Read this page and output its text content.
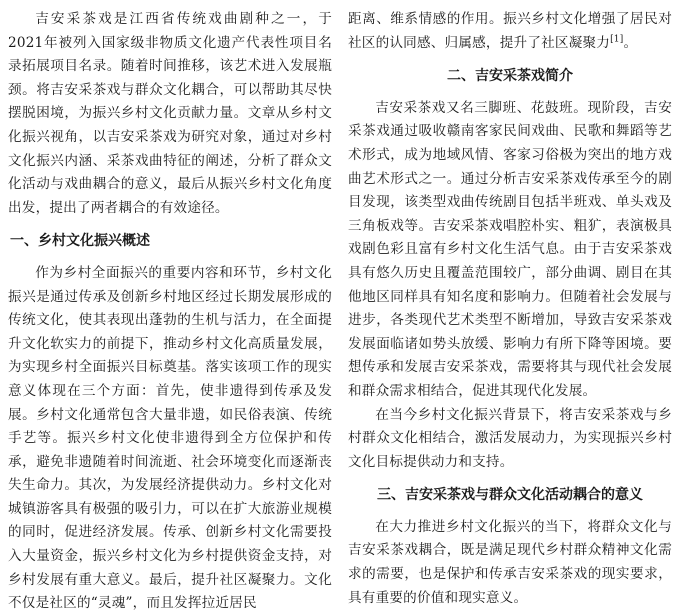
吉安采茶戏是江西省传统戏曲剧种之一，于2021年被列入国家级非物质文化遗产代表性项目名录拓展项目名录。随着时间推移，该艺术进入发展瓶颈。将吉安采茶戏与群众文化耦合，可以帮助其尽快摆脱困境，为振兴乡村文化贡献力量。文章从乡村文化振兴视角，以吉安采茶戏为研究对象，通过对乡村文化振兴内涵、采茶戏曲特征的阐述，分析了群众文化活动与戏曲耦合的意义，最后从振兴乡村文化角度出发，提出了两者耦合的有效途径。

一、乡村文化振兴概述

作为乡村全面振兴的重要内容和环节，乡村文化振兴是通过传承及创新乡村地区经过长期发展形成的传统文化，使其表现出蓬勃的生机与活力，在全面提升文化软实力的前提下，推动乡村文化高质量发展，为实现乡村全面振兴目标奠基。落实该项工作的现实意义体现在三个方面：首先，使非遗得到传承及发展。乡村文化通常包含大量非遗，如民俗表演、传统手艺等。振兴乡村文化使非遗得到全方位保护和传承，避免非遗随着时间流逝、社会环境变化而逐渐丧失生命力。其次，为发展经济提供动力。乡村文化对城镇游客具有极强的吸引力，可以在扩大旅游业规模的同时，促进经济发展。传承、创新乡村文化需要投入大量资金，振兴乡村文化为乡村提供资金支持，对乡村发展有重大意义。最后，提升社区凝聚力。文化不仅是社区的“灵魂”，而且发挥拉近居民

距离、维系情感的作用。振兴乡村文化增强了居民对社区的认同感、归属感，提升了社区凝聚力[1]。

二、吉安采茶戏简介

吉安采茶戏又名三脚班、花鼓班。现阶段，吉安采茶戏通过吸收赣南客家民间戏曲、民歌和舞蹈等艺术形式，成为地域风情、客家习俗极为突出的地方戏曲艺术形式之一。通过分析吉安采茶戏传承至今的剧目发现，该类型戏曲传统剧目包括半班戏、单头戏及三角板戏等。吉安采茶戏唱腔朴实、粗犷，表演极具戏剧色彩且富有乡村文化生活气息。由于吉安采茶戏具有悠久历史且覆盖范围较广，部分曲调、剧目在其他地区同样具有知名度和影响力。但随着社会发展与进步，各类现代艺术类型不断增加，导致吉安采茶戏发展面临诸如势头放缓、影响力有所下降等困境。要想传承和发展吉安采茶戏，需要将其与现代社会发展和群众需求相结合，促进其现代化发展。

在当今乡村文化振兴背景下，将吉安采茶戏与乡村群众文化相结合，激活发展动力，为实现振兴乡村文化目标提供动力和支持。

三、吉安采茶戏与群众文化活动耦合的意义

在大力推进乡村文化振兴的当下，将群众文化与吉安采茶戏耦合，既是满足现代乡村群众精神文化需求的需要，也是保护和传承吉安采茶戏的现实要求，具有重要的价值和现实意义。
